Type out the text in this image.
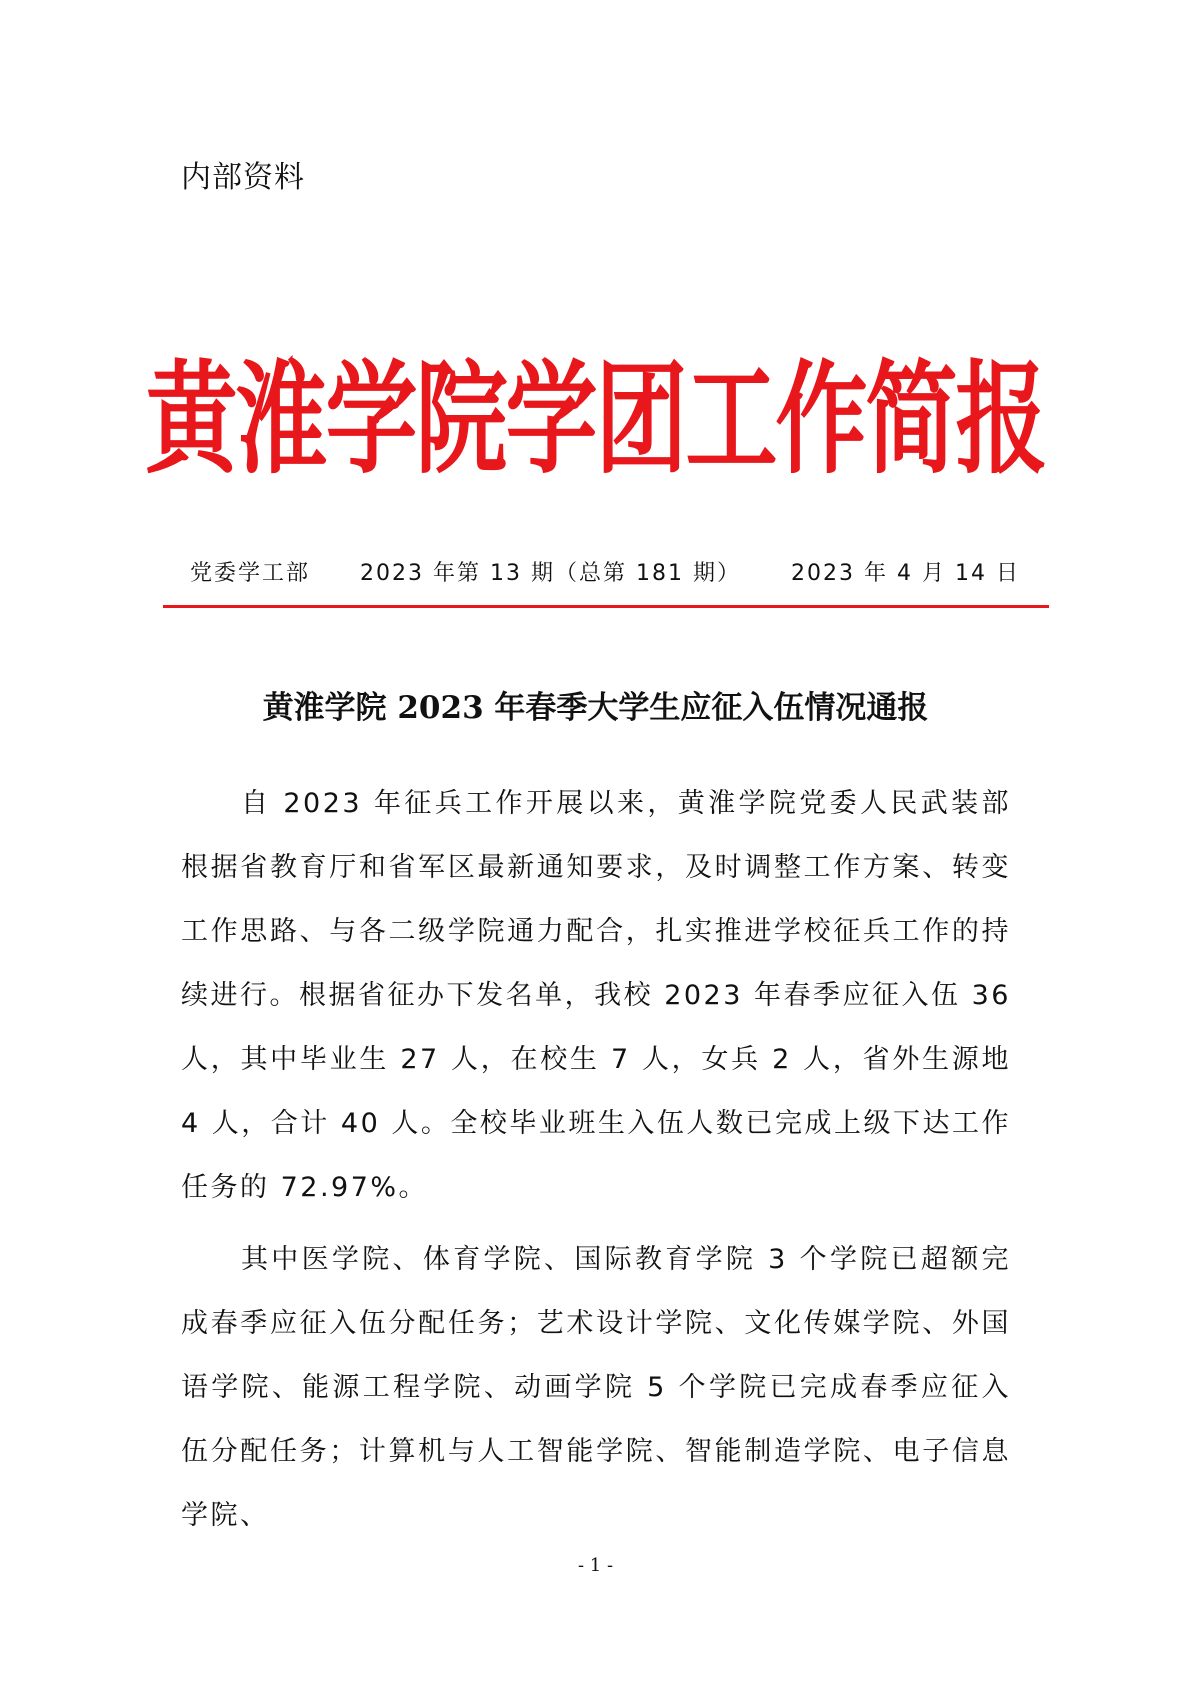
内部资料
黄淮学院学团工作简报
党委学工部 2023 年第 13 期（总第 181 期） 2023 年 4 月 14 日
黄淮学院 2023 年春季大学生应征入伍情况通报

自 2023 年征兵工作开展以来，黄淮学院党委人民武装部根据省教育厅和省军区最新通知要求，及时调整工作方案、转变工作思路、与各二级学院通力配合，扎实推进学校征兵工作的持续进行。根据省征办下发名单，我校 2023 年春季应征入伍 36 人，其中毕业生 27 人，在校生 7 人，女兵 2 人，省外生源地 4 人，合计 40 人。全校毕业班生入伍人数已完成上级下达工作任务的 72.97%。

其中医学院、体育学院、国际教育学院 3 个学院已超额完成春季应征入伍分配任务；艺术设计学院、文化传媒学院、外国语学院、能源工程学院、动画学院 5 个学院已完成春季应征入伍分配任务；计算机与人工智能学院、智能制造学院、电子信息学院、

- 1 -
